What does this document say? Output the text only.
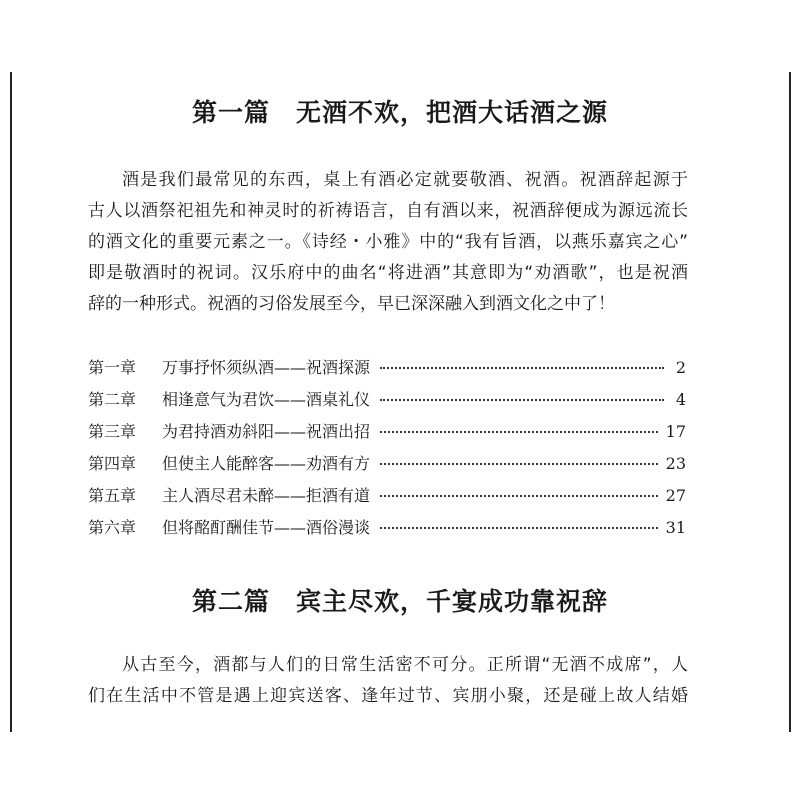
第一篇 无酒不欢，把酒大话酒之源
酒是我们最常见的东西，桌上有酒必定就要敬酒、祝酒。祝酒辞起源于
古人以酒祭祀祖先和神灵时的祈祷语言，自有酒以来，祝酒辞便成为源远流长
的酒文化的重要元素之一。《诗经・小雅》中的“我有旨酒，以燕乐嘉宾之心”
即是敬酒时的祝词。汉乐府中的曲名“将进酒”其意即为“劝酒歌”，也是祝酒
辞的一种形式。祝酒的习俗发展至今，早已深深融入到酒文化之中了！
第一章	万事抒怀须纵酒——祝酒探源	2
第二章	相逢意气为君饮——酒桌礼仪	4
第三章	为君持酒劝斜阳——祝酒出招	17
第四章	但使主人能醉客——劝酒有方	23
第五章	主人酒尽君未醉——拒酒有道	27
第六章	但将酩酊酬佳节——酒俗漫谈	31
第二篇 宾主尽欢，千宴成功靠祝辞
从古至今，酒都与人们的日常生活密不可分。正所谓“无酒不成席”，人
们在生活中不管是遇上迎宾送客、逢年过节、宾朋小聚，还是碰上故人结婚
